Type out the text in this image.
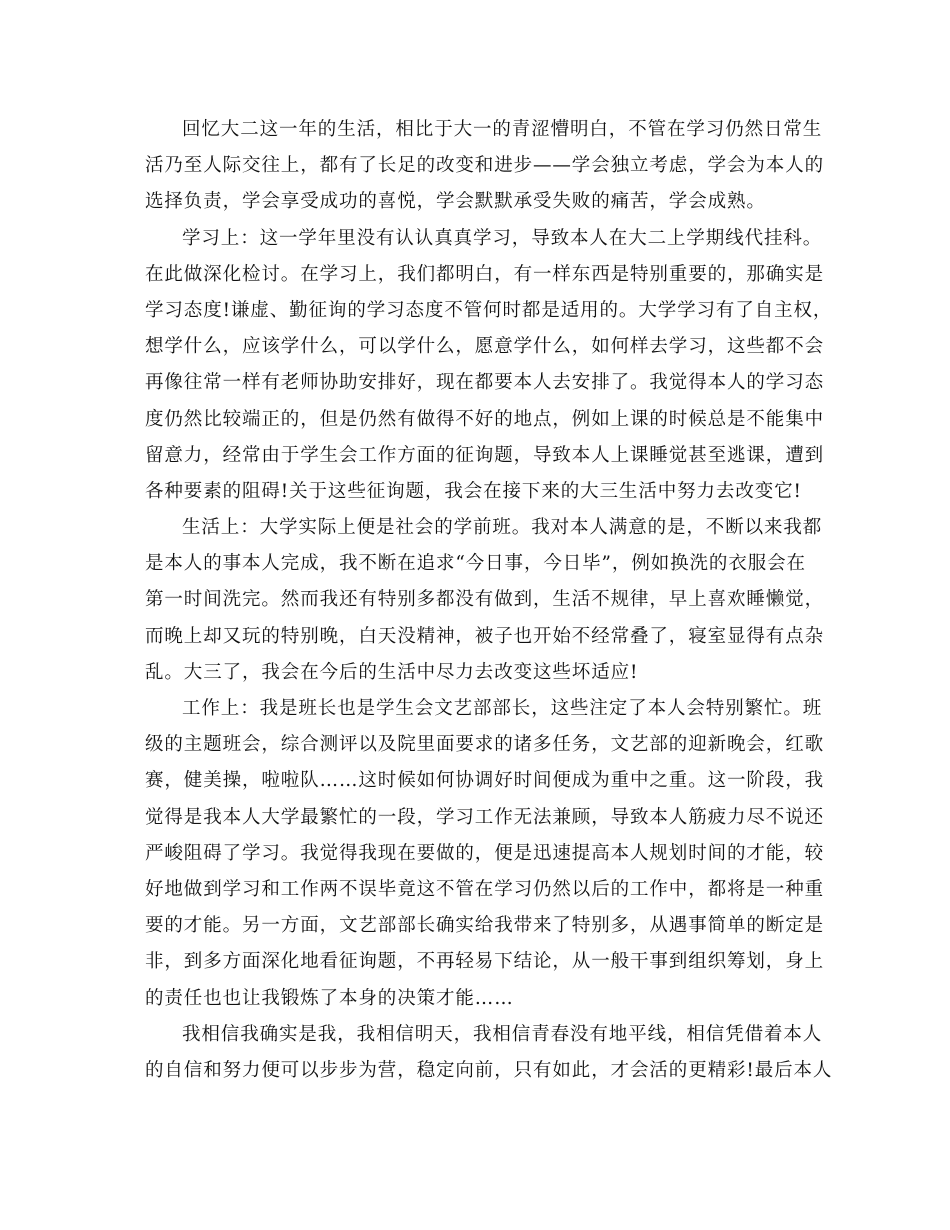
回忆大二这一年的生活，相比于大一的青涩懵明白，不管在学习仍然日常生
活乃至人际交往上，都有了长足的改变和进步——学会独立考虑，学会为本人的
选择负责，学会享受成功的喜悦，学会默默承受失败的痛苦，学会成熟。
学习上：这一学年里没有认认真真学习，导致本人在大二上学期线代挂科。
在此做深化检讨。在学习上，我们都明白，有一样东西是特别重要的，那确实是
学习态度!谦虚、勤征询的学习态度不管何时都是适用的。大学学习有了自主权，
想学什么，应该学什么，可以学什么，愿意学什么，如何样去学习，这些都不会
再像往常一样有老师协助安排好，现在都要本人去安排了。我觉得本人的学习态
度仍然比较端正的，但是仍然有做得不好的地点，例如上课的时候总是不能集中
留意力，经常由于学生会工作方面的征询题，导致本人上课睡觉甚至逃课，遭到
各种要素的阻碍!关于这些征询题，我会在接下来的大三生活中努力去改变它!
生活上：大学实际上便是社会的学前班。我对本人满意的是，不断以来我都
是本人的事本人完成，我不断在追求“今日事，今日毕”，例如换洗的衣服会在
第一时间洗完。然而我还有特别多都没有做到，生活不规律，早上喜欢睡懒觉，
而晚上却又玩的特别晚，白天没精神，被子也开始不经常叠了，寝室显得有点杂
乱。大三了，我会在今后的生活中尽力去改变这些坏适应!
工作上：我是班长也是学生会文艺部部长，这些注定了本人会特别繁忙。班
级的主题班会，综合测评以及院里面要求的诸多任务，文艺部的迎新晚会，红歌
赛，健美操，啦啦队……这时候如何协调好时间便成为重中之重。这一阶段，我
觉得是我本人大学最繁忙的一段，学习工作无法兼顾，导致本人筋疲力尽不说还
严峻阻碍了学习。我觉得我现在要做的，便是迅速提高本人规划时间的才能，较
好地做到学习和工作两不误毕竟这不管在学习仍然以后的工作中，都将是一种重
要的才能。另一方面，文艺部部长确实给我带来了特别多，从遇事简单的断定是
非，到多方面深化地看征询题，不再轻易下结论，从一般干事到组织筹划，身上
的责任也也让我锻炼了本身的决策才能……
我相信我确实是我，我相信明天，我相信青春没有地平线，相信凭借着本人
的自信和努力便可以步步为营，稳定向前，只有如此，才会活的更精彩!最后本人
